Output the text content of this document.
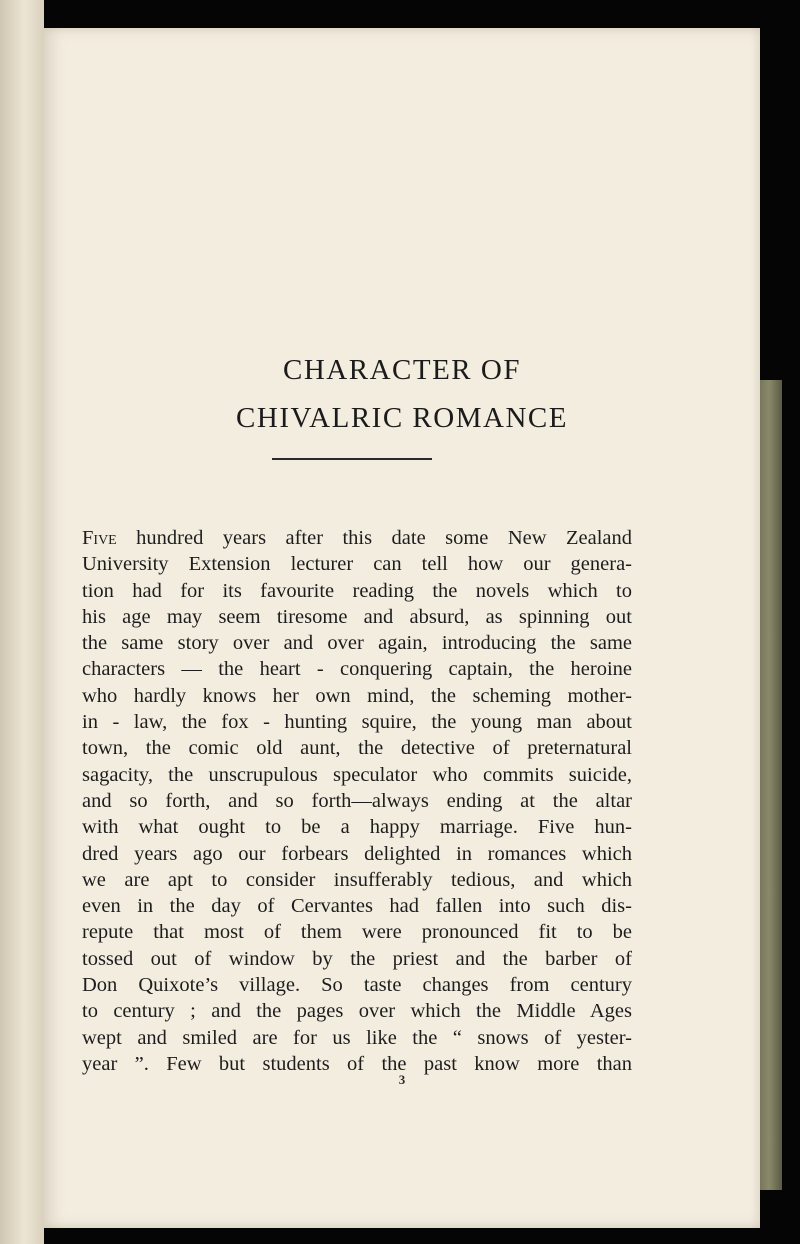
CHARACTER OF
CHIVALRIC ROMANCE
Five hundred years after this date some New Zealand
University Extension lecturer can tell how our genera-
tion had for its favourite reading the novels which to
his age may seem tiresome and absurd, as spinning out
the same story over and over again, introducing the same
characters — the heart - conquering captain, the heroine
who hardly knows her own mind, the scheming mother-
in - law, the fox - hunting squire, the young man about
town, the comic old aunt, the detective of preternatural
sagacity, the unscrupulous speculator who commits suicide,
and so forth, and so forth—always ending at the altar
with what ought to be a happy marriage. Five hun-
dred years ago our forbears delighted in romances which
we are apt to consider insufferably tedious, and which
even in the day of Cervantes had fallen into such dis-
repute that most of them were pronounced fit to be
tossed out of window by the priest and the barber of
Don Quixote’s village. So taste changes from century
to century ; and the pages over which the Middle Ages
wept and smiled are for us like the “ snows of yester-
year ”. Few but students of the past know more than
3
